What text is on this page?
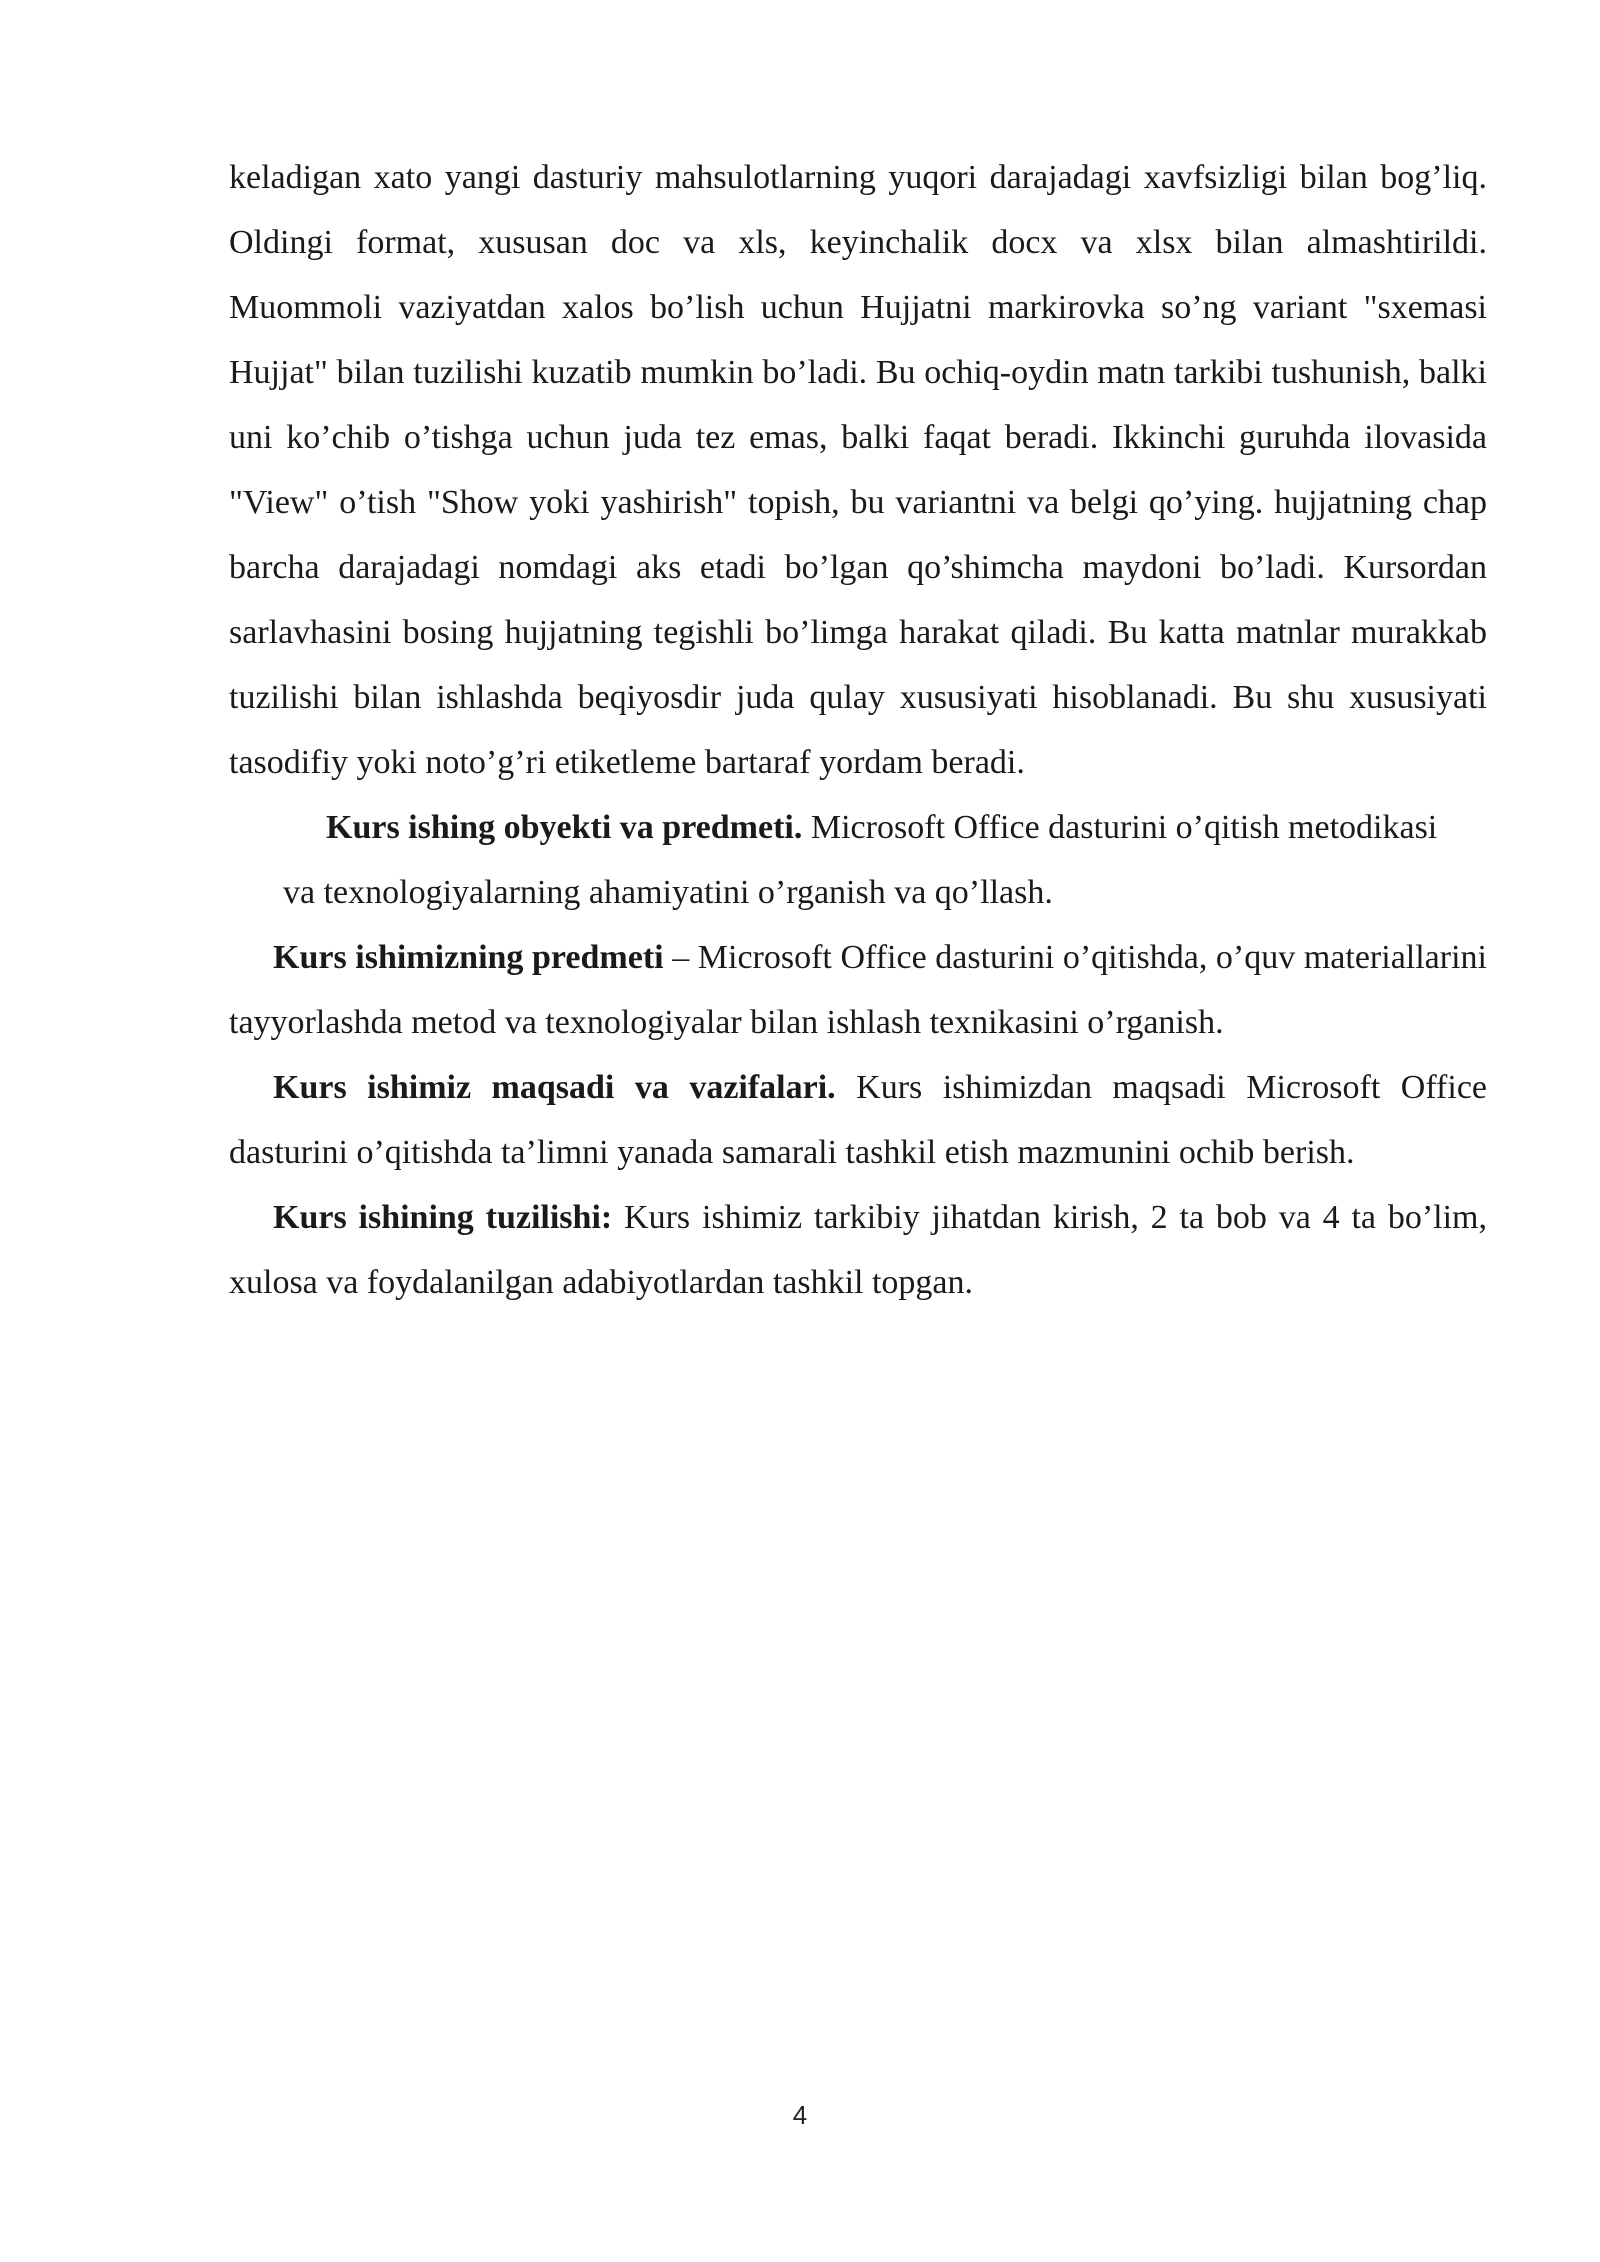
keladigan xato yangi dasturiy mahsulotlarning yuqori darajadagi xavfsizligi bilan bog’liq. Oldingi format, xususan doc va xls, keyinchalik docx va xlsx bilan almashtirildi. Muommoli vaziyatdan xalos bo’lish uchun Hujjatni markirovka so’ng variant "sxemasi Hujjat" bilan tuzilishi kuzatib mumkin bo’ladi. Bu ochiq-oydin matn tarkibi tushunish, balki uni ko’chib o’tishga uchun juda tez emas, balki faqat beradi. Ikkinchi guruhda ilovasida "View" o’tish "Show yoki yashirish" topish, bu variantni va belgi qo’ying. hujjatning chap barcha darajadagi nomdagi aks etadi bo’lgan qo’shimcha maydoni bo’ladi. Kursordan sarlavhasini bosing hujjatning tegishli bo’limga harakat qiladi. Bu katta matnlar murakkab tuzilishi bilan ishlashda beqiyosdir juda qulay xususiyati hisoblanadi. Bu shu xususiyati tasodifiy yoki noto’g’ri etiketleme bartaraf yordam beradi.

Kurs ishing obyekti va predmeti. Microsoft Office dasturini o’qitish metodikasi

va texnologiyalarning ahamiyatini o’rganish va qo’llash.

Kurs ishimizning predmeti – Microsoft Office dasturini o’qitishda, o’quv materiallarini tayyorlashda metod va texnologiyalar bilan ishlash texnikasini o’rganish.

Kurs ishimiz maqsadi va vazifalari. Kurs ishimizdan maqsadi Microsoft Office dasturini o’qitishda ta’limni yanada samarali tashkil etish mazmunini ochib berish.

Kurs ishining tuzilishi: Kurs ishimiz tarkibiy jihatdan kirish, 2 ta bob va 4 ta bo’lim, xulosa va foydalanilgan adabiyotlardan tashkil topgan.

4
